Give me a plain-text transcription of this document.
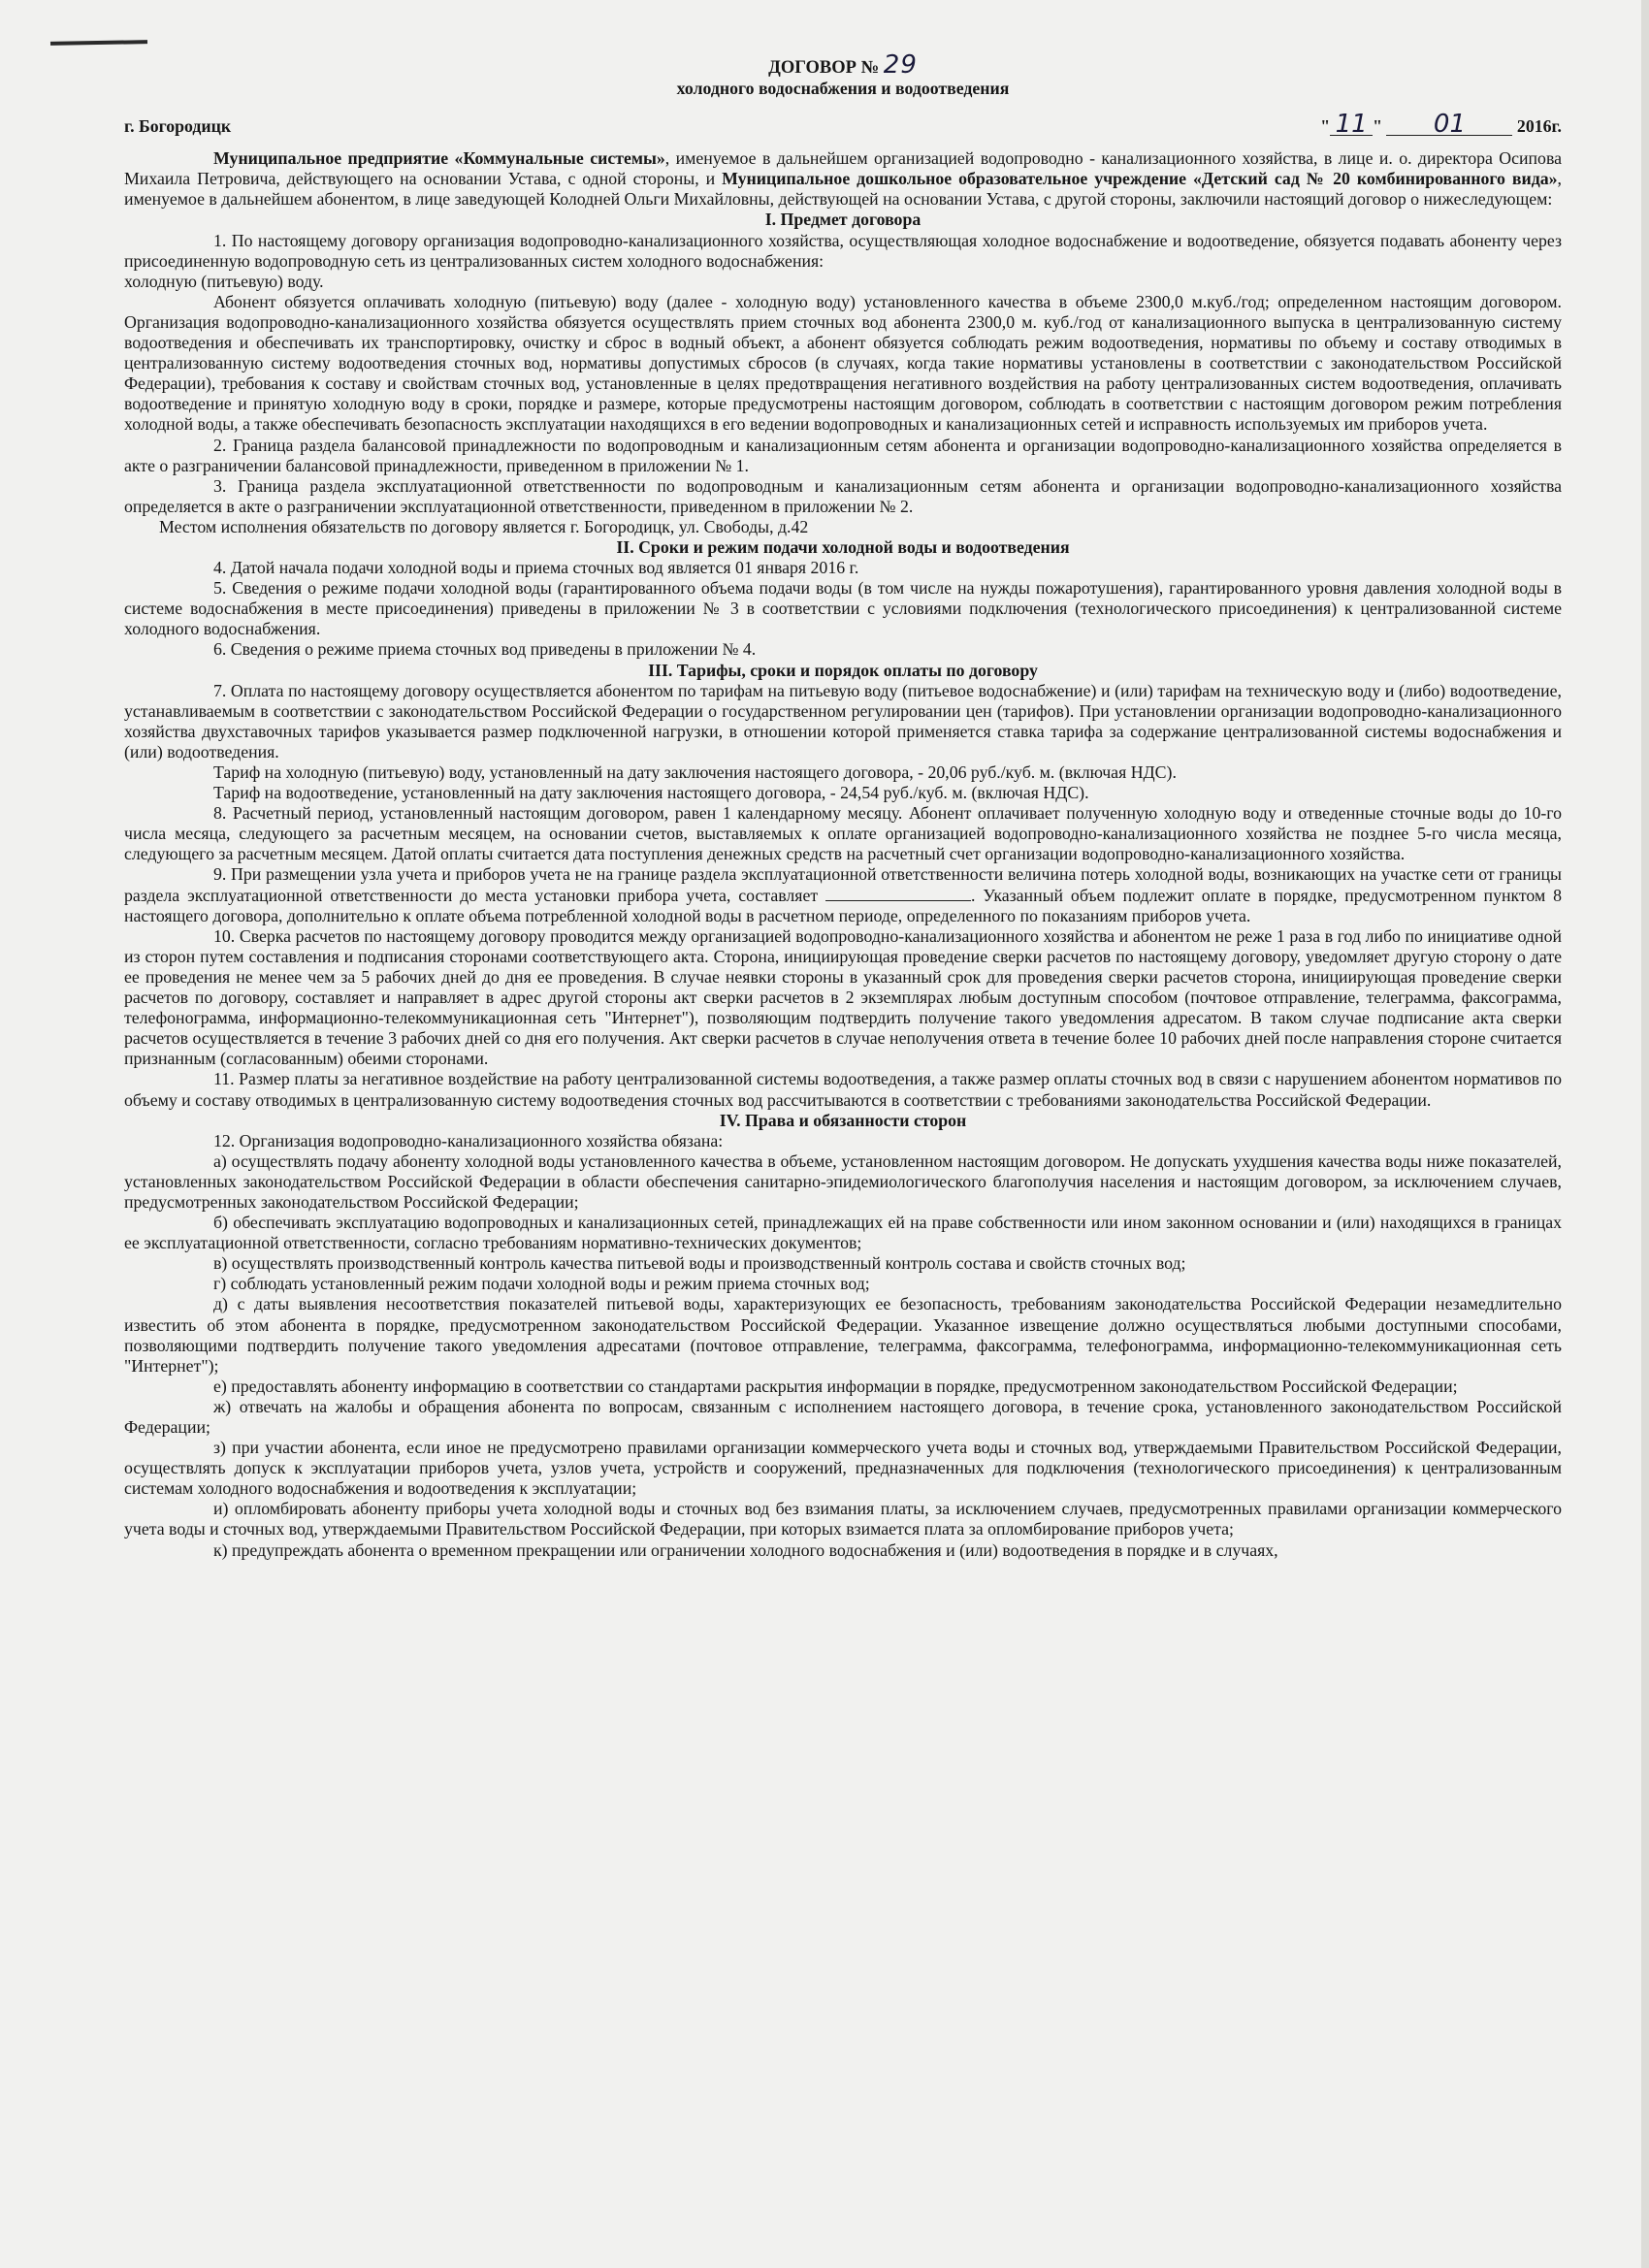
ДОГОВОР № 29
холодного водоснабжения и водоотведения
г. Богородицк	" 11 " 01	2016г.

Муниципальное предприятие «Коммунальные системы», именуемое в дальнейшем организацией водопроводно - канализационного хозяйства, в лице и. о. директора Осипова Михаила Петровича, действующего на основании Устава, с одной стороны, и Муниципальное дошкольное образовательное учреждение «Детский сад № 20 комбинированного вида», именуемое в дальнейшем абонентом, в лице заведующей Колодней Ольги Михайловны, действующей на основании Устава, с другой стороны, заключили настоящий договор о нижеследующем:

I. Предмет договора

1. По настоящему договору организация водопроводно-канализационного хозяйства, осуществляющая холодное водоснабжение и водоотведение, обязуется подавать абоненту через присоединенную водопроводную сеть из централизованных систем холодного водоснабжения:

холодную (питьевую) воду.

Абонент обязуется оплачивать холодную (питьевую) воду (далее - холодную воду) установленного качества в объеме 2300,0 м.куб./год; определенном настоящим договором. Организация водопроводно-канализационного хозяйства обязуется осуществлять прием сточных вод абонента 2300,0 м. куб./год от канализационного выпуска в централизованную систему водоотведения и обеспечивать их транспортировку, очистку и сброс в водный объект, а абонент обязуется соблюдать режим водоотведения, нормативы по объему и составу отводимых в централизованную систему водоотведения сточных вод, нормативы допустимых сбросов (в случаях, когда такие нормативы установлены в соответствии с законодательством Российской Федерации), требования к составу и свойствам сточных вод, установленные в целях предотвращения негативного воздействия на работу централизованных систем водоотведения, оплачивать водоотведение и принятую холодную воду в сроки, порядке и размере, которые предусмотрены настоящим договором, соблюдать в соответствии с настоящим договором режим потребления холодной воды, а также обеспечивать безопасность эксплуатации находящихся в его ведении водопроводных и канализационных сетей и исправность используемых им приборов учета.

2. Граница раздела балансовой принадлежности по водопроводным и канализационным сетям абонента и организации водопроводно-канализационного хозяйства определяется в акте о разграничении балансовой принадлежности, приведенном в приложении № 1.

3. Граница раздела эксплуатационной ответственности по водопроводным и канализационным сетям абонента и организации водопроводно-канализационного хозяйства определяется в акте о разграничении эксплуатационной ответственности, приведенном в приложении № 2.

Местом исполнения обязательств по договору является г. Богородицк, ул. Свободы, д.42

II. Сроки и режим подачи холодной воды и водоотведения

4. Датой начала подачи холодной воды и приема сточных вод является 01 января 2016 г.

5. Сведения о режиме подачи холодной воды (гарантированного объема подачи воды (в том числе на нужды пожаротушения), гарантированного уровня давления холодной воды в системе водоснабжения в месте присоединения) приведены в приложении № 3 в соответствии с условиями подключения (технологического присоединения) к централизованной системе холодного водоснабжения.

6. Сведения о режиме приема сточных вод приведены в приложении № 4.

III. Тарифы, сроки и порядок оплаты по договору

7. Оплата по настоящему договору осуществляется абонентом по тарифам на питьевую воду (питьевое водоснабжение) и (или) тарифам на техническую воду и (либо) водоотведение, устанавливаемым в соответствии с законодательством Российской Федерации о государственном регулировании цен (тарифов). При установлении организации водопроводно-канализационного хозяйства двухставочных тарифов указывается размер подключенной нагрузки, в отношении которой применяется ставка тарифа за содержание централизованной системы водоснабжения и (или) водоотведения.

Тариф на холодную (питьевую) воду, установленный на дату заключения настоящего договора, - 20,06 руб./куб. м. (включая НДС).

Тариф на водоотведение, установленный на дату заключения настоящего договора, - 24,54 руб./куб. м. (включая НДС).

8. Расчетный период, установленный настоящим договором, равен 1 календарному месяцу. Абонент оплачивает полученную холодную воду и отведенные сточные воды до 10-го числа месяца, следующего за расчетным месяцем, на основании счетов, выставляемых к оплате организацией водопроводно-канализационного хозяйства не позднее 5-го числа месяца, следующего за расчетным месяцем. Датой оплаты считается дата поступления денежных средств на расчетный счет организации водопроводно-канализационного хозяйства.

9. При размещении узла учета и приборов учета не на границе раздела эксплуатационной ответственности величина потерь холодной воды, возникающих на участке сети от границы раздела эксплуатационной ответственности до места установки прибора учета, составляет	. Указанный объем подлежит оплате в порядке, предусмотренном пунктом 8 настоящего договора, дополнительно к оплате объема потребленной холодной воды в расчетном периоде, определенного по показаниям приборов учета.

10. Сверка расчетов по настоящему договору проводится между организацией водопроводно-канализационного хозяйства и абонентом не реже 1 раза в год либо по инициативе одной из сторон путем составления и подписания сторонами соответствующего акта. Сторона, инициирующая проведение сверки расчетов по настоящему договору, уведомляет другую сторону о дате ее проведения не менее чем за 5 рабочих дней до дня ее проведения. В случае неявки стороны в указанный срок для проведения сверки расчетов сторона, инициирующая проведение сверки расчетов по договору, составляет и направляет в адрес другой стороны акт сверки расчетов в 2 экземплярах любым доступным способом (почтовое отправление, телеграмма, факсограмма, телефонограмма, информационно-телекоммуникационная сеть "Интернет"), позволяющим подтвердить получение такого уведомления адресатом. В таком случае подписание акта сверки расчетов осуществляется в течение 3 рабочих дней со дня его получения. Акт сверки расчетов в случае неполучения ответа в течение более 10 рабочих дней после направления стороне считается признанным (согласованным) обеими сторонами.

11. Размер платы за негативное воздействие на работу централизованной системы водоотведения, а также размер оплаты сточных вод в связи с нарушением абонентом нормативов по объему и составу отводимых в централизованную систему водоотведения сточных вод рассчитываются в соответствии с требованиями законодательства Российской Федерации.

IV. Права и обязанности сторон

12. Организация водопроводно-канализационного хозяйства обязана:

а) осуществлять подачу абоненту холодной воды установленного качества в объеме, установленном настоящим договором. Не допускать ухудшения качества воды ниже показателей, установленных законодательством Российской Федерации в области обеспечения санитарно-эпидемиологического благополучия населения и настоящим договором, за исключением случаев, предусмотренных законодательством Российской Федерации;

б) обеспечивать эксплуатацию водопроводных и канализационных сетей, принадлежащих ей на праве собственности или ином законном основании и (или) находящихся в границах ее эксплуатационной ответственности, согласно требованиям нормативно-технических документов;

в) осуществлять производственный контроль качества питьевой воды и производственный контроль состава и свойств сточных вод;

г) соблюдать установленный режим подачи холодной воды и режим приема сточных вод;

д) с даты выявления несоответствия показателей питьевой воды, характеризующих ее безопасность, требованиям законодательства Российской Федерации незамедлительно известить об этом абонента в порядке, предусмотренном законодательством Российской Федерации. Указанное извещение должно осуществляться любыми доступными способами, позволяющими подтвердить получение такого уведомления адресатами (почтовое отправление, телеграмма, факсограмма, телефонограмма, информационно-телекоммуникационная сеть "Интернет");

е) предоставлять абоненту информацию в соответствии со стандартами раскрытия информации в порядке, предусмотренном законодательством Российской Федерации;

ж) отвечать на жалобы и обращения абонента по вопросам, связанным с исполнением настоящего договора, в течение срока, установленного законодательством Российской Федерации;

з) при участии абонента, если иное не предусмотрено правилами организации коммерческого учета воды и сточных вод, утверждаемыми Правительством Российской Федерации, осуществлять допуск к эксплуатации приборов учета, узлов учета, устройств и сооружений, предназначенных для подключения (технологического присоединения) к централизованным системам холодного водоснабжения и водоотведения к эксплуатации;

и) опломбировать абоненту приборы учета холодной воды и сточных вод без взимания платы, за исключением случаев, предусмотренных правилами организации коммерческого учета воды и сточных вод, утверждаемыми Правительством Российской Федерации, при которых взимается плата за опломбирование приборов учета;

к) предупреждать абонента о временном прекращении или ограничении холодного водоснабжения и (или) водоотведения в порядке и в случаях,
